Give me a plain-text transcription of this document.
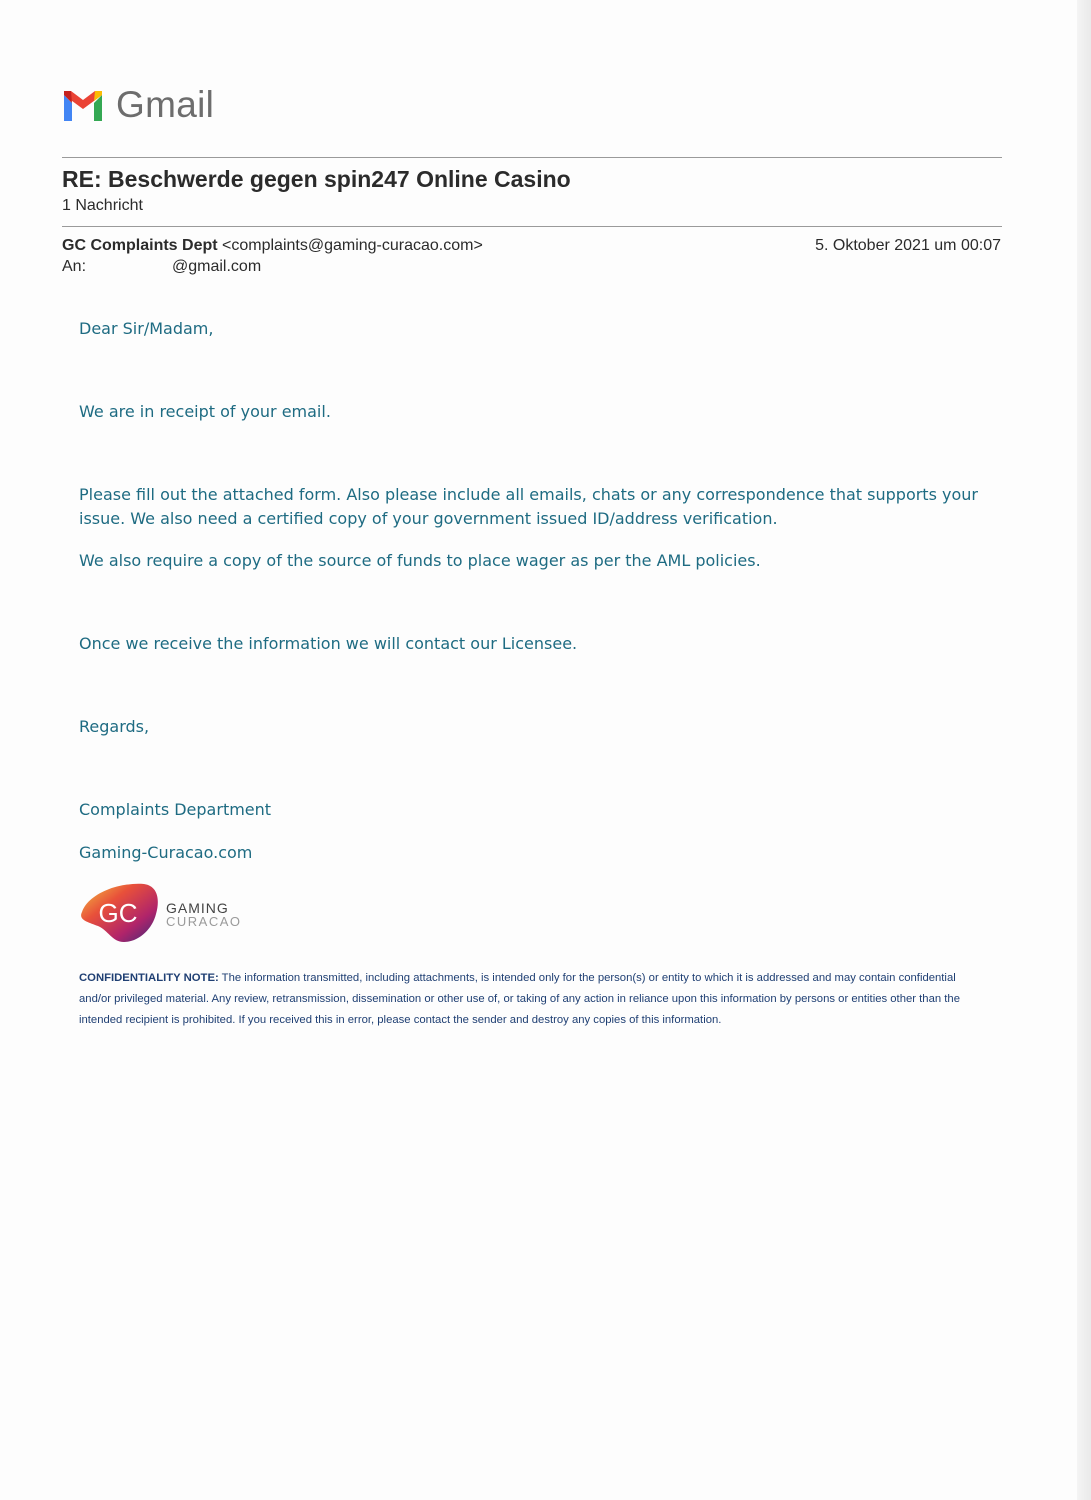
Gmail
RE: Beschwerde gegen spin247 Online Casino
1 Nachricht
GC Complaints Dept <complaints@gaming-curacao.com>	5. Oktober 2021 um 00:07
An:	@gmail.com
Dear Sir/Madam,
We are in receipt of your email.
Please fill out the attached form. Also please include all emails, chats or any correspondence that supports your issue. We also need a certified copy of your government issued ID/address verification.
We also require a copy of the source of funds to place wager as per the AML policies.
Once we receive the information we will contact our Licensee.
Regards,
Complaints Department
Gaming-Curacao.com
GC GAMING
CURACAO
CONFIDENTIALITY NOTE: The information transmitted, including attachments, is intended only for the person(s) or entity to which it is addressed and may contain confidential and/or privileged material. Any review, retransmission, dissemination or other use of, or taking of any action in reliance upon this information by persons or entities other than the intended recipient is prohibited. If you received this in error, please contact the sender and destroy any copies of this information.
